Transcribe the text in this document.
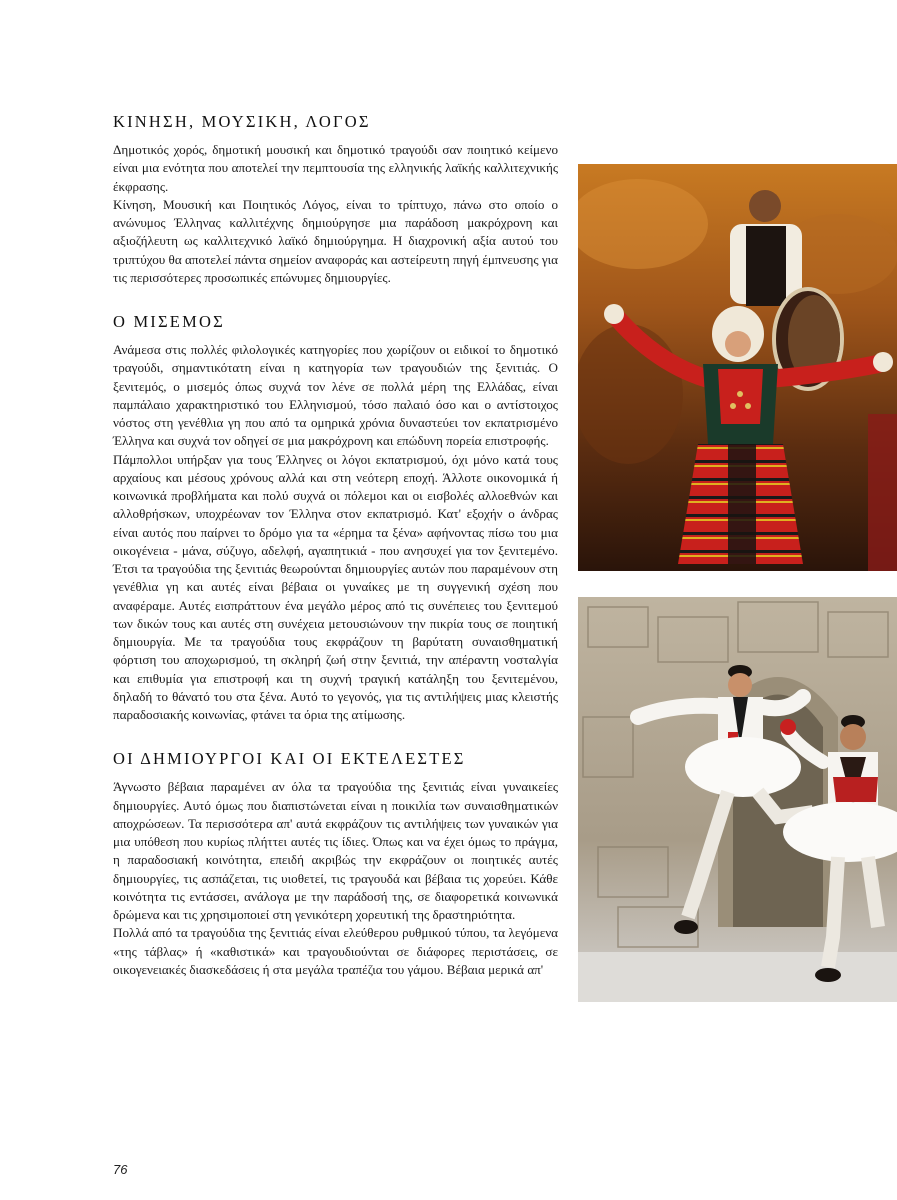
ΚΙΝΗΣΗ, ΜΟΥΣΙΚΗ, ΛΟΓΟΣ

Δημοτικός χορός, δημοτική μουσική και δημοτικό τραγούδι σαν ποιητικό κείμενο είναι μια ενότητα που αποτελεί την πεμπτουσία της ελληνικής λαϊκής καλλιτεχνικής έκφρασης.

Κίνηση, Μουσική και Ποιητικός Λόγος, είναι το τρίπτυχο, πάνω στο οποίο ο ανώνυμος Έλληνας καλλιτέχνης δημιούργησε μια παράδοση μακρόχρονη και αξιοζήλευτη ως καλλιτεχνικό λαϊκό δημιούργημα. Η διαχρονική αξία αυτού του τριπτύχου θα αποτελεί πάντα σημείον αναφοράς και αστείρευτη πηγή έμπνευσης για τις περισσότερες προσωπικές επώνυμες δημιουργίες.

Ο ΜΙΣΕΜΟΣ

Ανάμεσα στις πολλές φιλολογικές κατηγορίες που χωρίζουν οι ειδικοί το δημοτικό τραγούδι, σημαντικότατη είναι η κατηγορία των τραγουδιών της ξενιτιάς. Ο ξενιτεμός, ο μισεμός όπως συχνά τον λένε σε πολλά μέρη της Ελλάδας, είναι παμπάλαιο χαρακτηριστικό του Ελληνισμού, τόσο παλαιό όσο και ο αντίστοιχος νόστος στη γενέθλια γη που από τα ομηρικά χρόνια δυναστεύει τον εκπατρισμένο Έλληνα και συχνά τον οδηγεί σε μια μακρόχρονη και επώδυνη πορεία επιστροφής.

Πάμπολλοι υπήρξαν για τους Έλληνες οι λόγοι εκπατρισμού, όχι μόνο κατά τους αρχαίους και μέσους χρόνους αλλά και στη νεότερη εποχή. Άλλοτε οικονομικά ή κοινωνικά προβλήματα και πολύ συχνά οι πόλεμοι και οι εισβολές αλλοεθνών και αλλοθρήσκων, υποχρέωναν τον Έλληνα στον εκπατρισμό. Κατ' εξοχήν ο άνδρας είναι αυτός που παίρνει το δρόμο για τα «έρημα τα ξένα» αφήνοντας πίσω του μια οικογένεια - μάνα, σύζυγο, αδελφή, αγαπητικιά - που ανησυχεί για τον ξενιτεμένο. Έτσι τα τραγούδια της ξενιτιάς θεωρούνται δημιουργίες αυτών που παραμένουν στη γενέθλια γη και αυτές είναι βέβαια οι γυναίκες με τη συγγενική σχέση που αναφέραμε. Αυτές εισπράττουν ένα μεγάλο μέρος από τις συνέπειες του ξενιτεμού των δικών τους και αυτές στη συνέχεια μετουσιώνουν την πικρία τους σε ποιητική δημιουργία. Με τα τραγούδια τους εκφράζουν τη βαρύτατη συναισθηματική φόρτιση του αποχωρισμού, τη σκληρή ζωή στην ξενιτιά, την απέραντη νοσταλγία και επιθυμία για επιστροφή και τη συχνή τραγική κατάληξη του ξενιτεμένου, δηλαδή το θάνατό του στα ξένα. Αυτό το γεγονός, για τις αντιλήψεις μιας κλειστής παραδοσιακής κοινωνίας, φτάνει τα όρια της ατίμωσης.

ΟΙ ΔΗΜΙΟΥΡΓΟΙ ΚΑΙ ΟΙ ΕΚΤΕΛΕΣΤΕΣ

Άγνωστο βέβαια παραμένει αν όλα τα τραγούδια της ξενιτιάς είναι γυναικείες δημιουργίες. Αυτό όμως που διαπιστώνεται είναι η ποικιλία των συναισθηματικών αποχρώσεων. Τα περισσότερα απ' αυτά εκφράζουν τις αντιλήψεις των γυναικών για μια υπόθεση που κυρίως πλήττει αυτές τις ίδιες. Όπως και να έχει όμως το πράγμα, η παραδοσιακή κοινότητα, επειδή ακριβώς την εκφράζουν οι ποιητικές αυτές δημιουργίες, τις ασπάζεται, τις υιοθετεί, τις τραγουδά και βέβαια τις χορεύει. Κάθε κοινότητα τις εντάσσει, ανάλογα με την παράδοσή της, σε διαφορετικά κοινωνικά δρώμενα και τις χρησιμοποιεί στη γενικότερη χορευτική της δραστηριότητα.

Πολλά από τα τραγούδια της ξενιτιάς είναι ελεύθερου ρυθμικού τύπου, τα λεγόμενα «της τάβλας» ή «καθιστικά» και τραγουδιούνται σε διάφορες περιστάσεις, σε οικογενειακές διασκεδάσεις ή στα μεγάλα τραπέζια του γάμου. Βέβαια μερικά απ'

76
